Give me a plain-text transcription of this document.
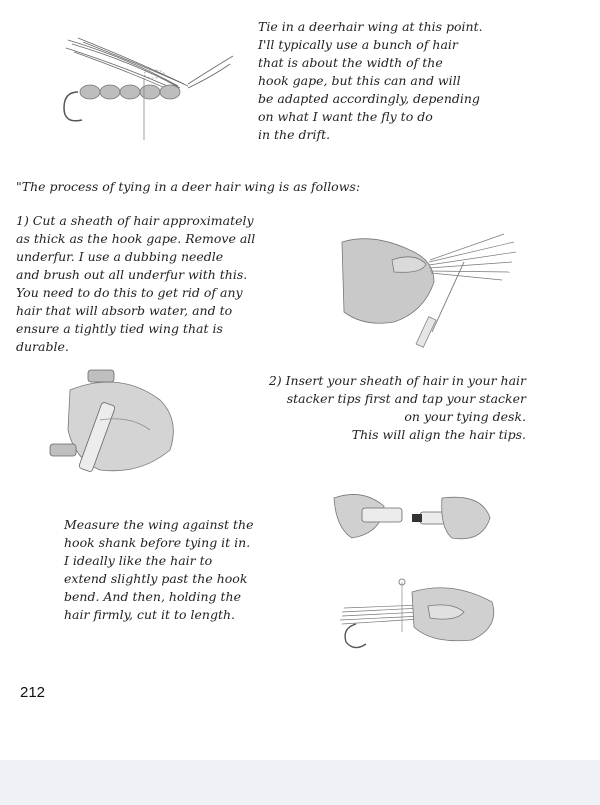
Tie in a deerhair wing at this point.
I'll typically use a bunch of hair
that is about the width of the
hook gape, but this can and will
be adapted accordingly, depending
on what I want the fly to do
in the drift.
"The process of tying in a deer hair wing is as follows:
1) Cut a sheath of hair approximately
as thick as the hook gape. Remove all
underfur. I use a dubbing needle
and brush out all underfur with this.
You need to do this to get rid of any
hair that will absorb water, and to
ensure a tightly tied wing that is
durable.
2) Insert your sheath of hair in your hair
stacker tips first and tap your stacker
on your tying desk.
This will align the hair tips.
Measure the wing against the
hook shank before tying it in.
I ideally like the hair to
extend slightly past the hook
bend. And then, holding the
hair firmly, cut it to length.
212
